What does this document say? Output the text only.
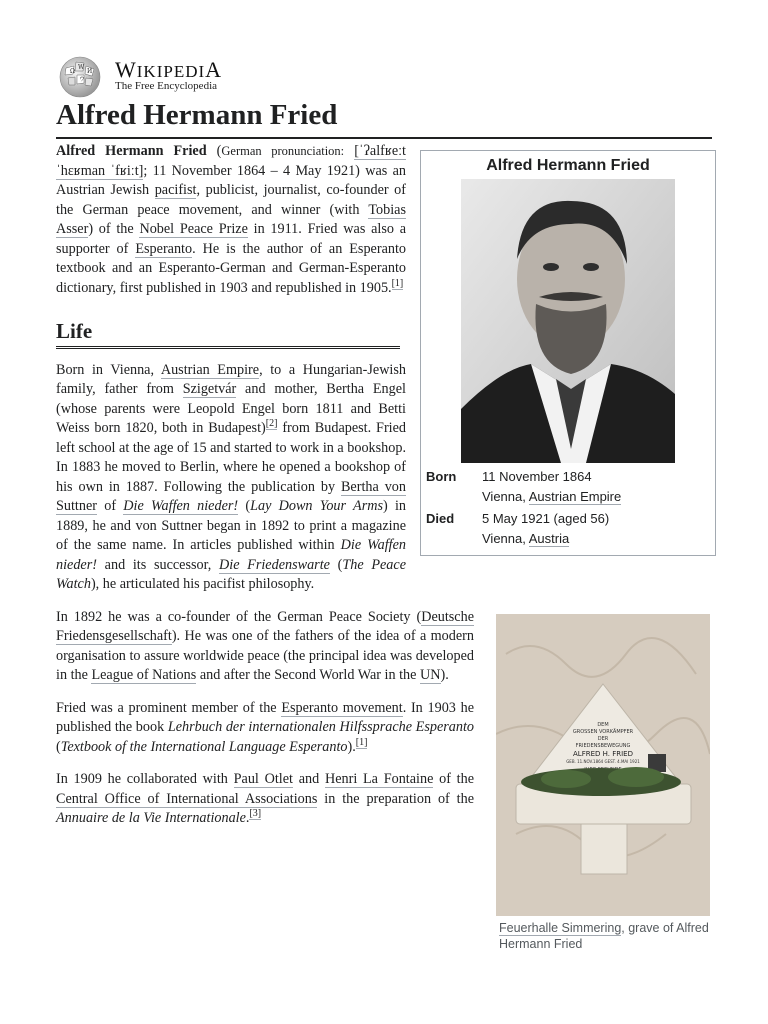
Ω
W
И
ウ WIKIPEDIA
The Free Encyclopedia
Alfred Hermann Fried
Alfred Hermann Fried
Born	11 November 1864
Vienna, Austrian Empire
Died	5 May 1921 (aged 56)
Vienna, Austria

Alfred Hermann Fried (German pronunciation: [ˈʔalfʁeːt ˈhɛʁman ˈfʁiːt]; 11 November 1864 – 4 May 1921) was an Austrian Jewish pacifist, publicist, journalist, co-founder of the German peace movement, and winner (with Tobias Asser) of the Nobel Peace Prize in 1911. Fried was also a supporter of Esperanto. He is the author of an Esperanto textbook and an Esperanto-German and German-Esperanto dictionary, first published in 1903 and republished in 1905.[1]

Life

Born in Vienna, Austrian Empire, to a Hungarian-Jewish family, father from Szigetvár and mother, Bertha Engel (whose parents were Leopold Engel born 1811 and Betti Weiss born 1820, both in Budapest)[2] from Budapest. Fried left school at the age of 15 and started to work in a bookshop. In 1883 he moved to Berlin, where he opened a bookshop of his own in 1887. Following the publication by Bertha von Suttner of Die Waffen nieder! (Lay Down Your Arms) in 1889, he and von Suttner began in 1892 to print a magazine of the same name. In articles published within Die Waffen nieder! and its successor, Die Friedenswarte (The Peace Watch), he articulated his pacifist philosophy.

DEM
GROSSEN VORKÄMPFER
DER
FRIEDENSBEWEGUNG
ALFRED H. FRIED
GEB. 11.NOV.1864 GEST. 4.MAI 1921
Feuerhalle Simmering, grave of Alfred Hermann Fried

In 1892 he was a co-founder of the German Peace Society (Deutsche Friedensgesellschaft). He was one of the fathers of the idea of a modern organisation to assure worldwide peace (the principal idea was developed in the League of Nations and after the Second World War in the UN).

Fried was a prominent member of the Esperanto movement. In 1903 he published the book Lehrbuch der internationalen Hilfssprache Esperanto (Textbook of the International Language Esperanto).[1]

In 1909 he collaborated with Paul Otlet and Henri La Fontaine of the Central Office of International Associations in the preparation of the Annuaire de la Vie Internationale.[3]
